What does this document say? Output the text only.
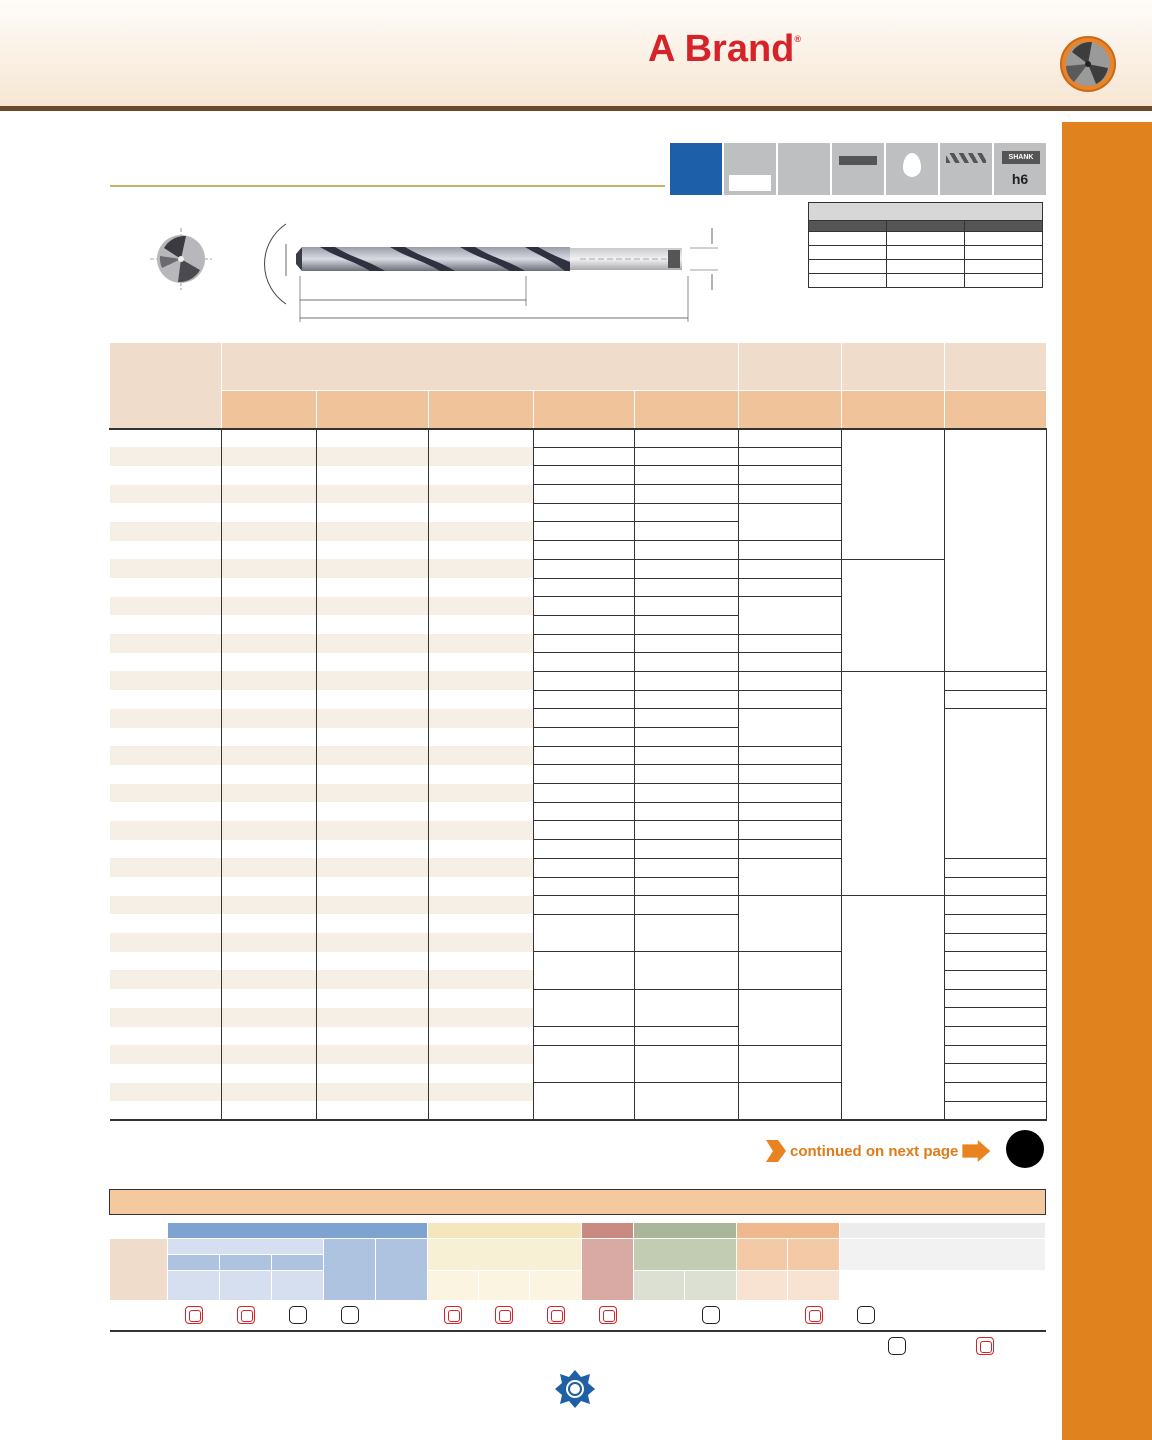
A Brand®
SHANK
h6

continued on next page
